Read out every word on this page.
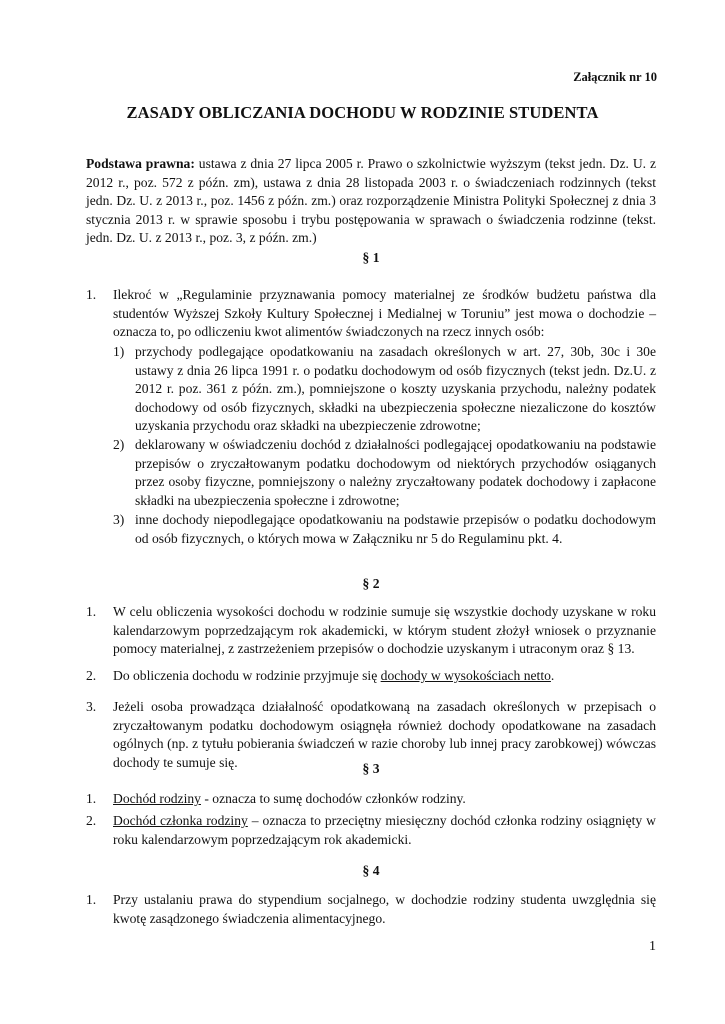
Załącznik nr 10
ZASADY OBLICZANIA DOCHODU W RODZINIE STUDENTA

Podstawa prawna: ustawa z dnia 27 lipca 2005 r. Prawo o szkolnictwie wyższym (tekst jedn. Dz. U. z 2012 r., poz. 572 z późn. zm), ustawa z dnia 28 listopada 2003 r. o świadczeniach rodzinnych (tekst jedn. Dz. U. z 2013 r., poz. 1456 z późn. zm.) oraz rozporządzenie Ministra Polityki Społecznej z dnia 3 stycznia 2013 r. w sprawie sposobu i trybu postępowania w sprawach o świadczenia rodzinne (tekst. jedn. Dz. U. z 2013 r., poz. 3, z późn. zm.)

§ 1
1.	Ilekroć w „Regulaminie przyznawania pomocy materialnej ze środków budżetu państwa dla studentów Wyższej Szkoły Kultury Społecznej i Medialnej w Toruniu” jest mowa o dochodzie – oznacza to, po odliczeniu kwot alimentów świadczonych na rzecz innych osób:
1) przychody podlegające opodatkowaniu na zasadach określonych w art. 27, 30b, 30c i 30e ustawy z dnia 26 lipca 1991 r. o podatku dochodowym od osób fizycznych (tekst jedn. Dz.U. z 2012 r. poz. 361 z późn. zm.), pomniejszone o koszty uzyskania przychodu, należny podatek dochodowy od osób fizycznych, składki na ubezpieczenia społeczne niezaliczone do kosztów uzyskania przychodu oraz składki na ubezpieczenie zdrowotne;
2) deklarowany w oświadczeniu dochód z działalności podlegającej opodatkowaniu na podstawie przepisów o zryczałtowanym podatku dochodowym od niektórych przychodów osiąganych przez osoby fizyczne, pomniejszony o należny zryczałtowany podatek dochodowy i zapłacone składki na ubezpieczenia społeczne i zdrowotne;
3) inne dochody niepodlegające opodatkowaniu na podstawie przepisów o podatku dochodowym od osób fizycznych, o których mowa w Załączniku nr 5 do Regulaminu pkt. 4.
§ 2
1.	W celu obliczenia wysokości dochodu w rodzinie sumuje się wszystkie dochody uzyskane w roku kalendarzowym poprzedzającym rok akademicki, w którym student złożył wniosek o przyznanie pomocy materialnej, z zastrzeżeniem przepisów o dochodzie uzyskanym i utraconym oraz § 13.
2.	Do obliczenia dochodu w rodzinie przyjmuje się dochody w wysokościach netto.
3.	Jeżeli osoba prowadząca działalność opodatkowaną na zasadach określonych w przepisach o zryczałtowanym podatku dochodowym osiągnęła również dochody opodatkowane na zasadach ogólnych (np. z tytułu pobierania świadczeń w razie choroby lub innej pracy zarobkowej) wówczas dochody te sumuje się.	§ 3
1.	Dochód rodziny - oznacza to sumę dochodów członków rodziny.
2.	Dochód członka rodziny – oznacza to przeciętny miesięczny dochód członka rodziny osiągnięty w roku kalendarzowym poprzedzającym rok akademicki.
§ 4
1.	Przy ustalaniu prawa do stypendium socjalnego, w dochodzie rodziny studenta uwzględnia się kwotę zasądzonego świadczenia alimentacyjnego.
1
